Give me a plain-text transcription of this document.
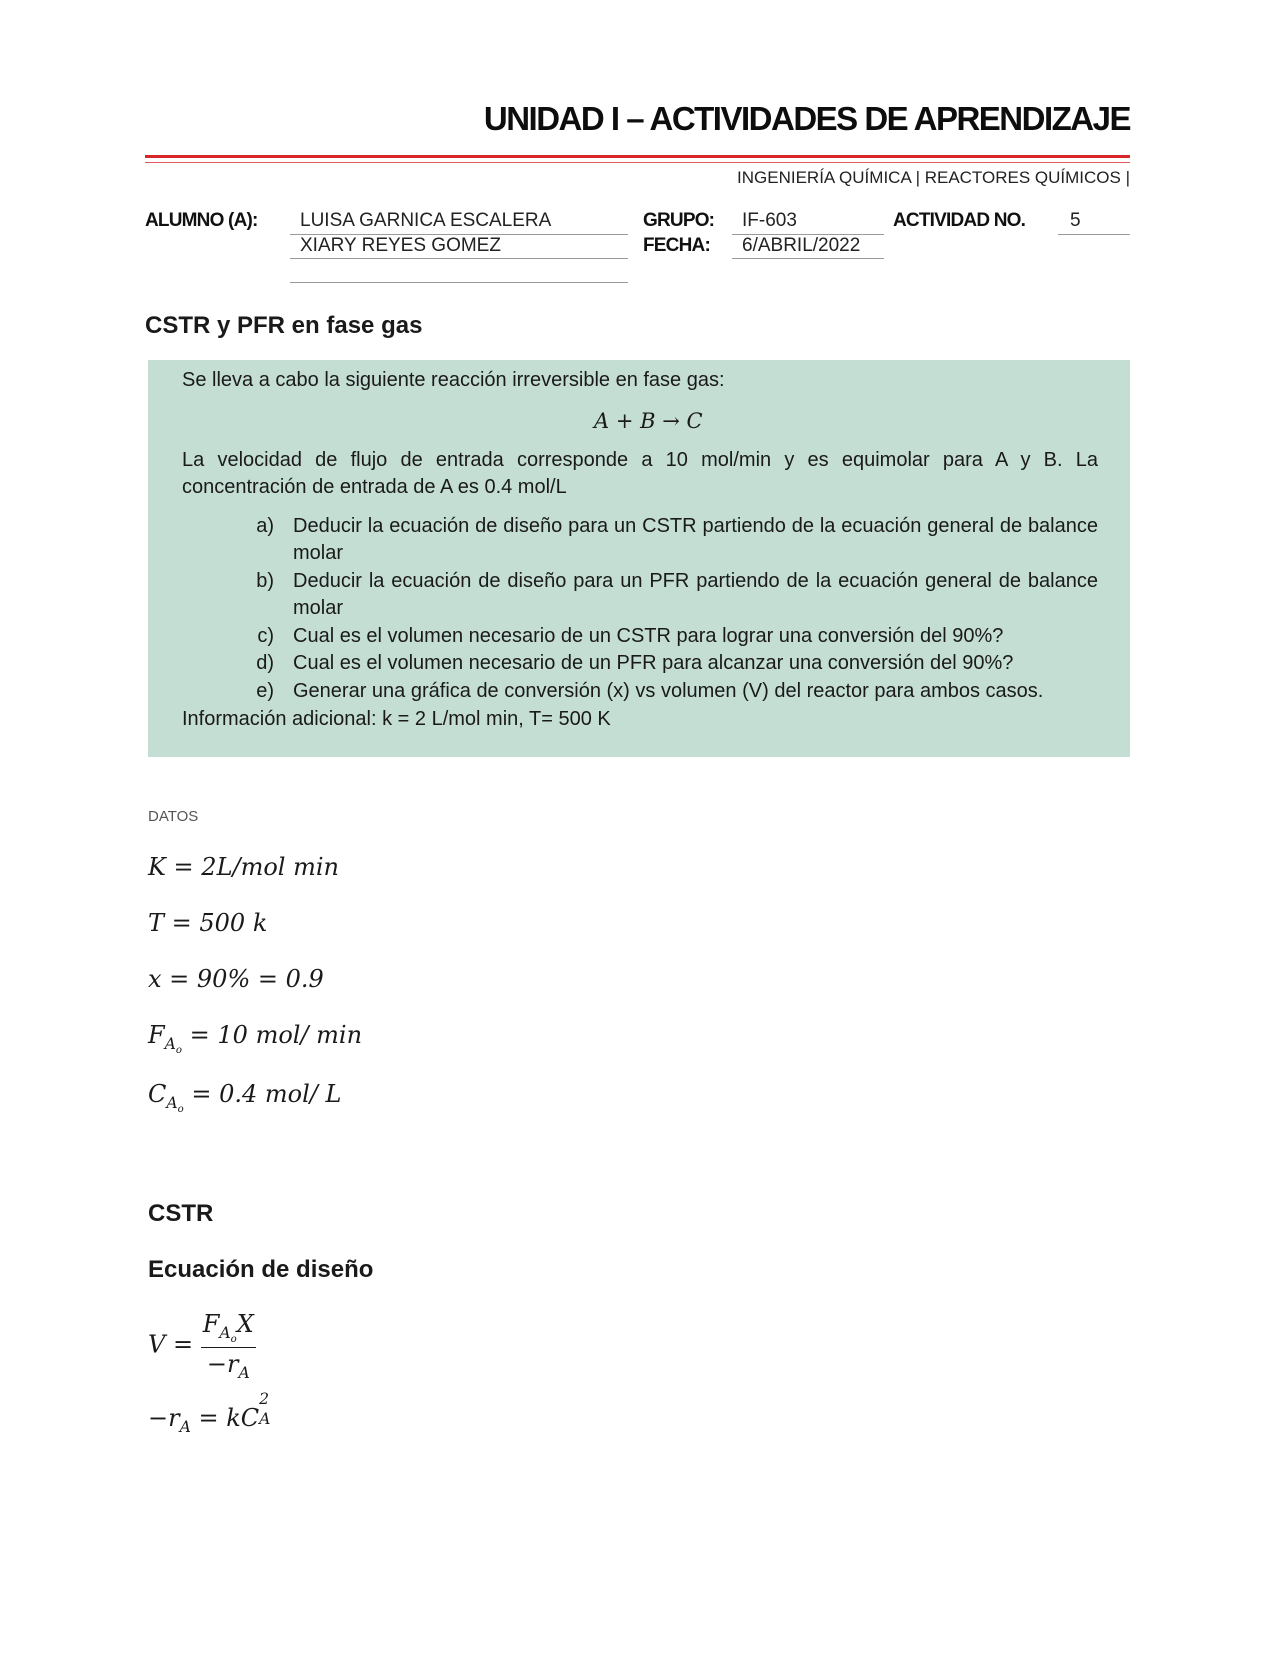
UNIDAD I – ACTIVIDADES DE APRENDIZAJE
INGENIERÍA QUÍMICA | REACTORES QUÍMICOS |
ALUMNO (A): LUISA GARNICA ESCALERA
XIARY REYES GOMEZ
GRUPO: IF-603
FECHA: 6/ABRIL/2022
ACTIVIDAD NO. 5
CSTR y PFR en fase gas
Se lleva a cabo la siguiente reacción irreversible en fase gas:
A + B → C
La velocidad de flujo de entrada corresponde a 10 mol/min y es equimolar para A y B. La
concentración de entrada de A es 0.4 mol/L
a) Deducir la ecuación de diseño para un CSTR partiendo de la ecuación general de balance
molar
b) Deducir la ecuación de diseño para un PFR partiendo de la ecuación general de balance
molar
c) Cual es el volumen necesario de un CSTR para lograr una conversión del 90%?
d) Cual es el volumen necesario de un PFR para alcanzar una conversión del 90%?
e) Generar una gráfica de conversión (x) vs volumen (V) del reactor para ambos casos.
Información adicional: k = 2 L/mol min, T= 500 K
DATOS
K = 2L/mol min
T = 500 k
x = 90% = 0.9
$F_{A_o} = 10$ mol/ min
$C_{A_o} = 0.4$ mol/ L
CSTR
Ecuación de diseño
$V = \frac{F_{A_o}X}{-r_A}$
$-r_A$ = kC
2
A
